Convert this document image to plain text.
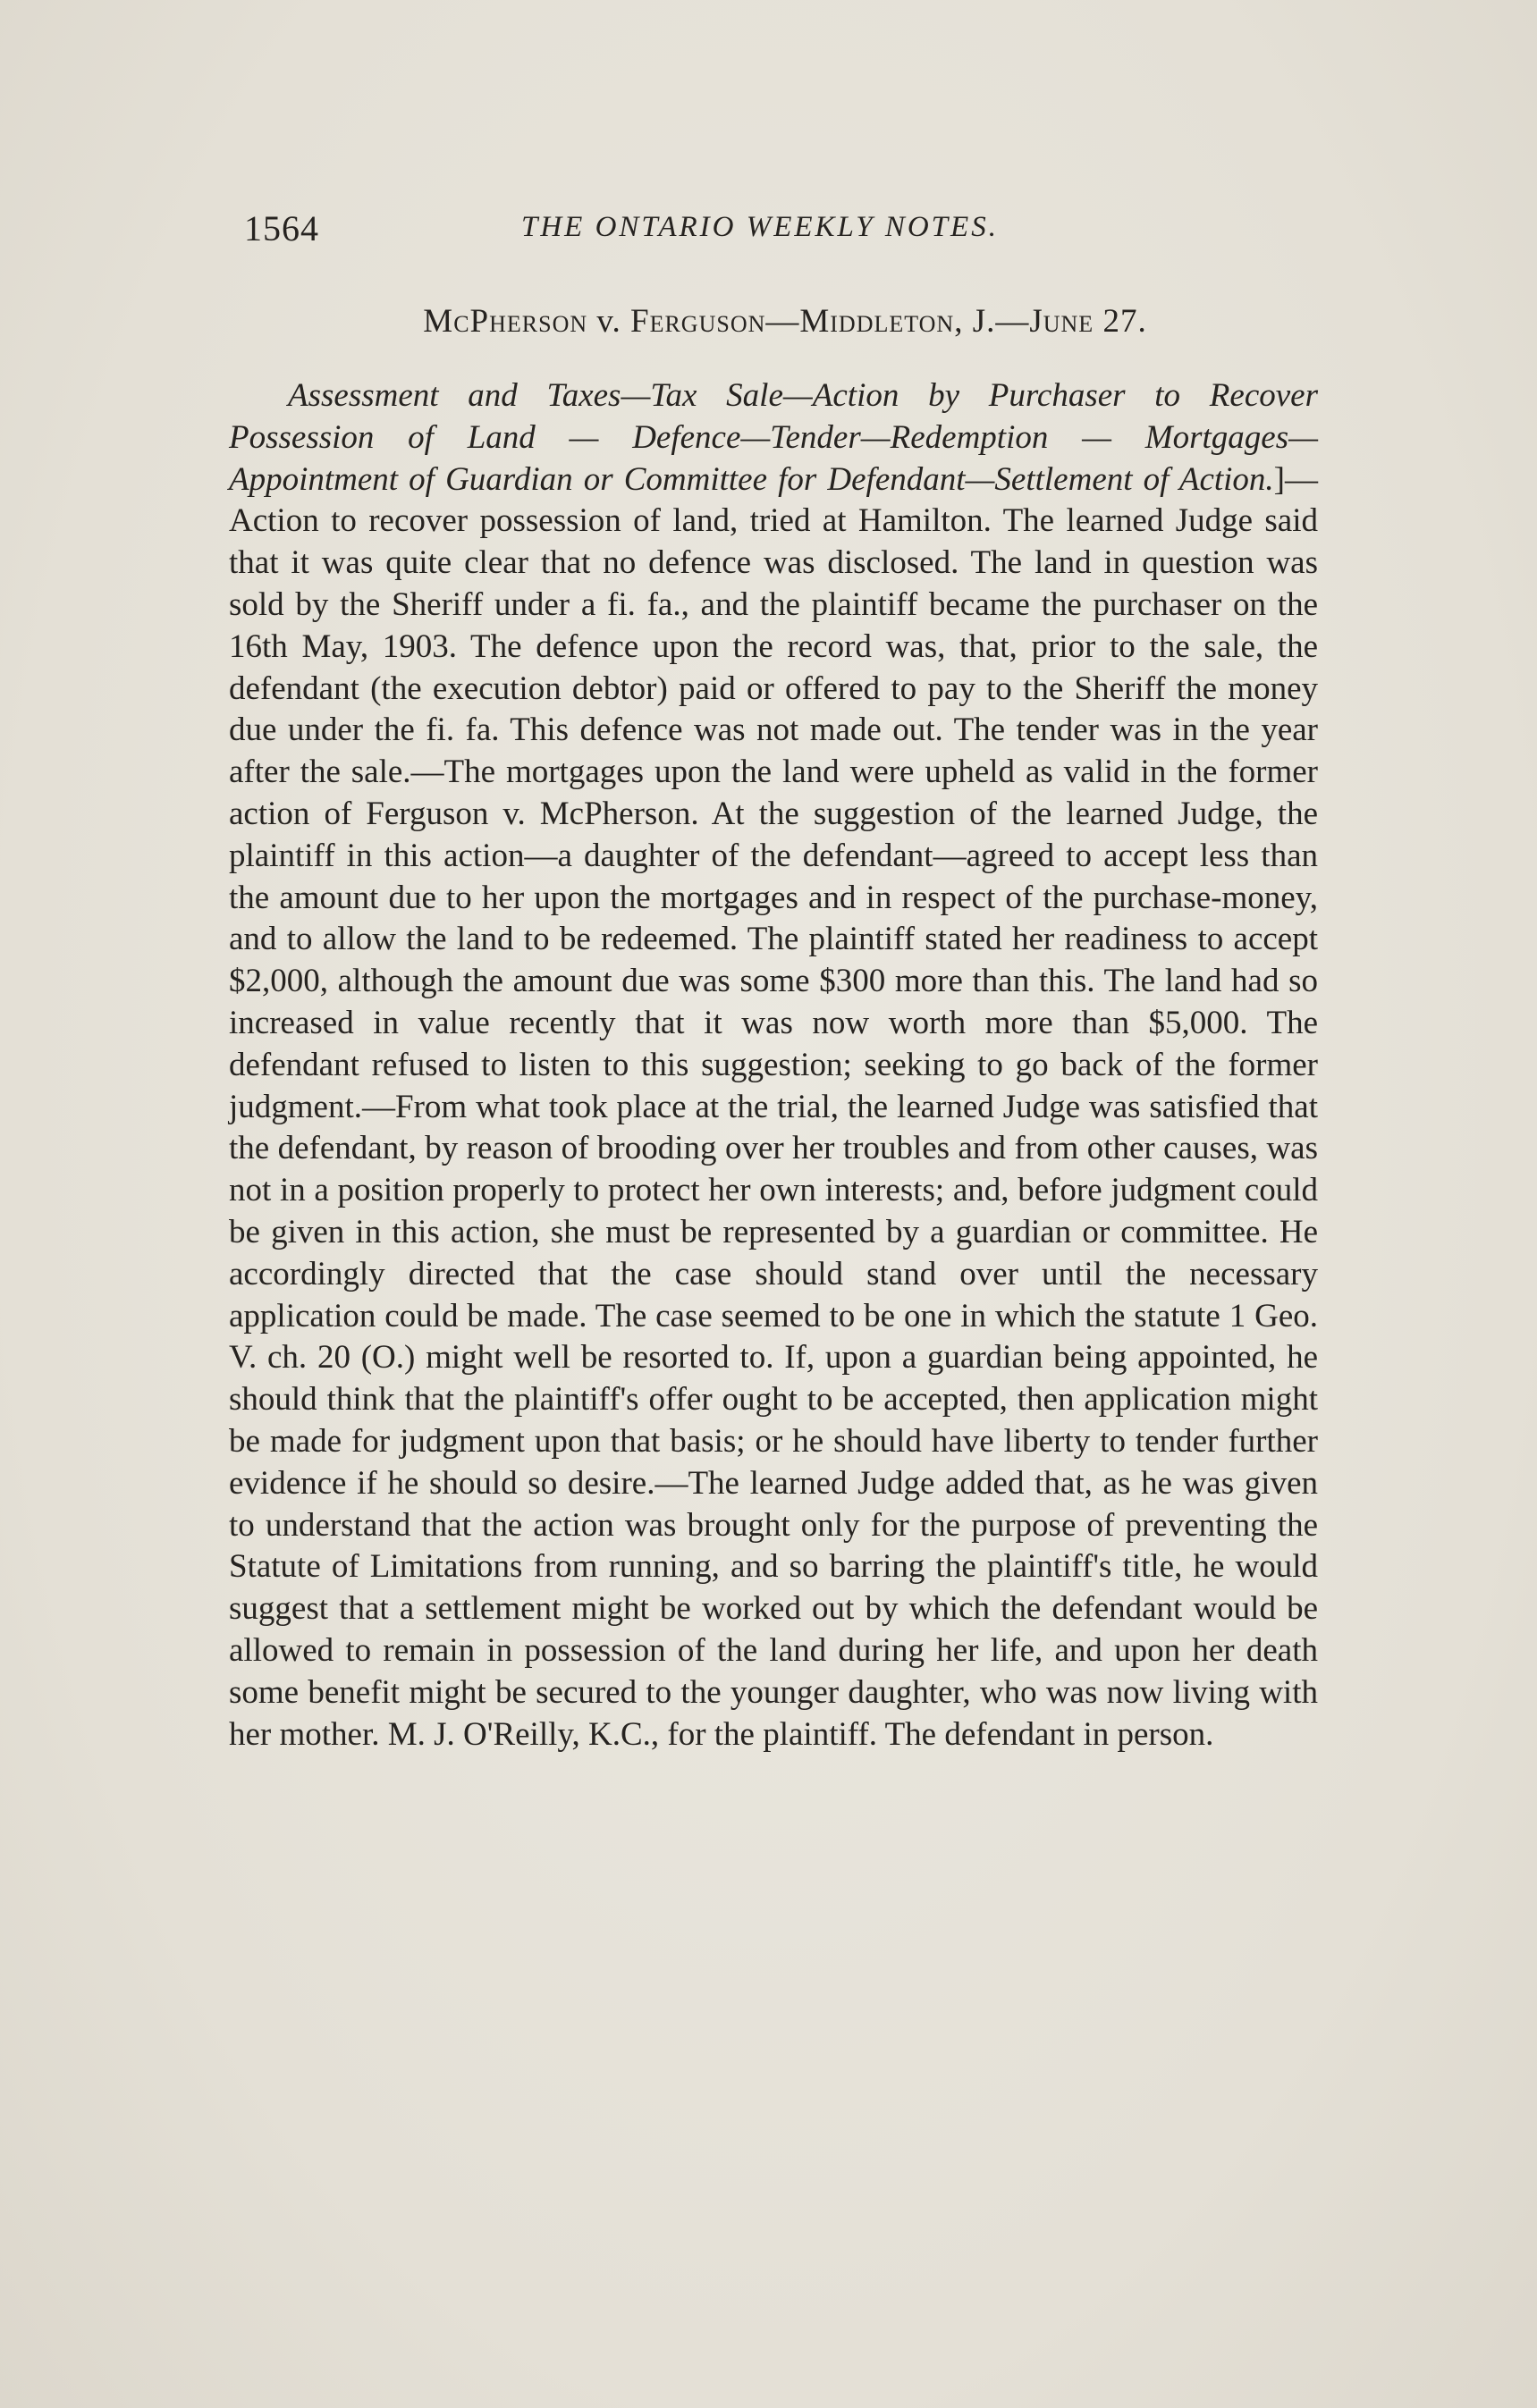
1564	THE ONTARIO WEEKLY NOTES.
McPherson v. Ferguson—Middleton, J.—June 27.

Assessment and Taxes—Tax Sale—Action by Purchaser to Recover Possession of Land — Defence—Tender—Redemption — Mortgages—Appointment of Guardian or Committee for Defendant—Settlement of Action.]—Action to recover possession of land, tried at Hamilton. The learned Judge said that it was quite clear that no defence was disclosed. The land in question was sold by the Sheriff under a fi. fa., and the plaintiff became the purchaser on the 16th May, 1903. The defence upon the record was, that, prior to the sale, the defendant (the execution debtor) paid or offered to pay to the Sheriff the money due under the fi. fa. This defence was not made out. The tender was in the year after the sale.—The mortgages upon the land were upheld as valid in the former action of Ferguson v. McPherson. At the suggestion of the learned Judge, the plaintiff in this action—a daughter of the defendant—agreed to accept less than the amount due to her upon the mortgages and in respect of the purchase-money, and to allow the land to be redeemed. The plaintiff stated her readiness to accept $2,000, although the amount due was some $300 more than this. The land had so increased in value recently that it was now worth more than $5,000. The defendant refused to listen to this suggestion; seeking to go back of the former judgment.—From what took place at the trial, the learned Judge was satisfied that the defendant, by reason of brooding over her troubles and from other causes, was not in a position properly to protect her own interests; and, before judgment could be given in this action, she must be represented by a guardian or committee. He accordingly directed that the case should stand over until the necessary application could be made. The case seemed to be one in which the statute 1 Geo. V. ch. 20 (O.) might well be resorted to. If, upon a guardian being appointed, he should think that the plaintiff's offer ought to be accepted, then application might be made for judgment upon that basis; or he should have liberty to tender further evidence if he should so desire.—The learned Judge added that, as he was given to understand that the action was brought only for the purpose of preventing the Statute of Limitations from running, and so barring the plaintiff's title, he would suggest that a settlement might be worked out by which the defendant would be allowed to remain in possession of the land during her life, and upon her death some benefit might be secured to the younger daughter, who was now living with her mother. M. J. O'Reilly, K.C., for the plaintiff. The defendant in person.
